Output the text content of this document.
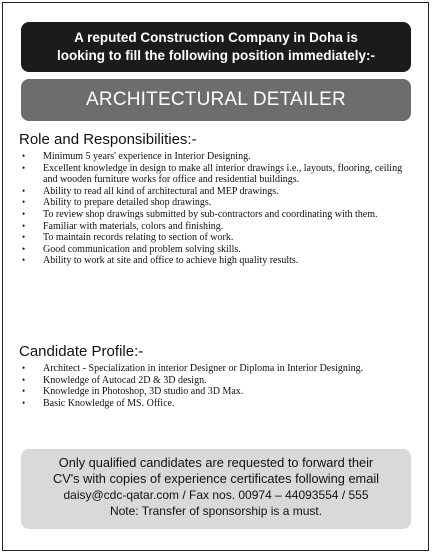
A reputed Construction Company in Doha is
looking to fill the following position immediately:-
ARCHITECTURAL DETAILER
Role and Responsibilities:-
• Minimum 5 years' experience in Interior Designing.
• Excellent knowledge in design to make all interior drawings i.e., layouts, flooring, ceiling and wooden furniture works for office and residential buildings.
• Ability to read all kind of architectural and MEP drawings.
• Ability to prepare detailed shop drawings.
• To review shop drawings submitted by sub-contractors and coordinating with them.
• Familiar with materials, colors and finishing.
• To maintain records relating to section of work.
• Good communication and problem solving skills.
• Ability to work at site and office to achieve high quality results.
Candidate Profile:-
• Architect - Specialization in interior Designer or Diploma in Interior Designing.
• Knowledge of Autocad 2D & 3D design.
• Knowledge in Photoshop, 3D studio and 3D Max.
• Basic Knowledge of MS. Office.
Only qualified candidates are requested to forward their
CV's with copies of experience certificates following email
daisy@cdc-qatar.com / Fax nos. 00974 – 44093554 / 555
Note: Transfer of sponsorship is a must.
